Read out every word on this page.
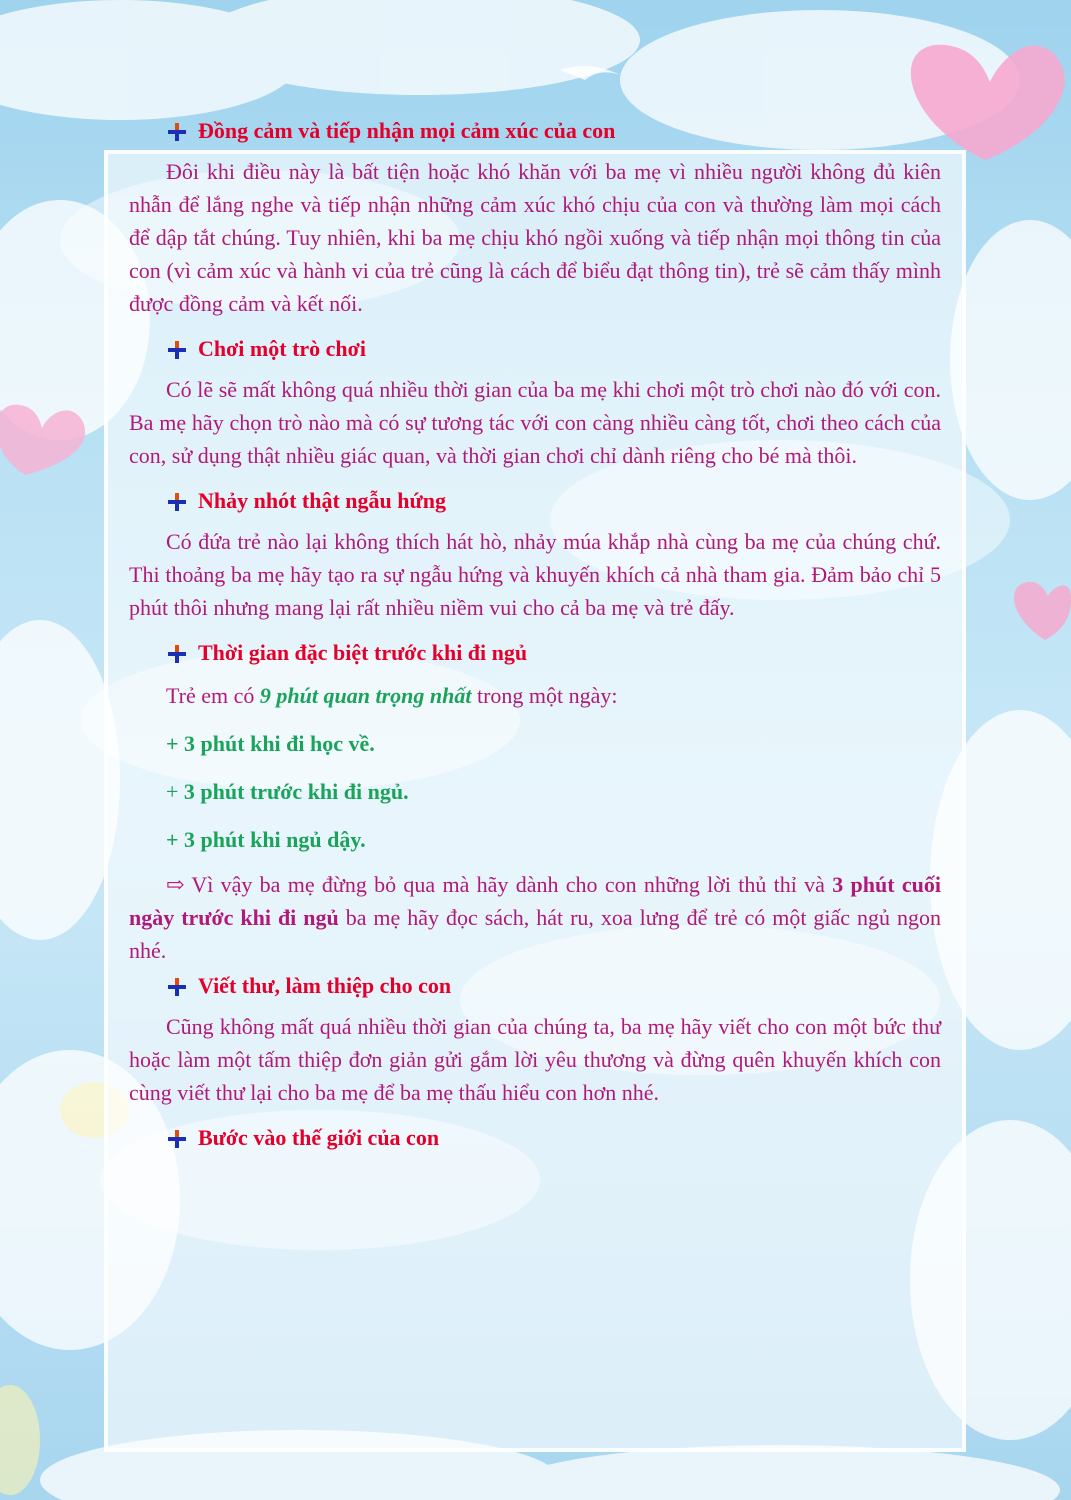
Đồng cảm và tiếp nhận mọi cảm xúc của con

Đôi khi điều này là bất tiện hoặc khó khăn với ba mẹ vì nhiều người không đủ kiên nhẫn để lắng nghe và tiếp nhận những cảm xúc khó chịu của con và thường làm mọi cách để dập tắt chúng. Tuy nhiên, khi ba mẹ chịu khó ngồi xuống và tiếp nhận mọi thông tin của con (vì cảm xúc và hành vi của trẻ cũng là cách để biểu đạt thông tin), trẻ sẽ cảm thấy mình được đồng cảm và kết nối.

Chơi một trò chơi

Có lẽ sẽ mất không quá nhiều thời gian của ba mẹ khi chơi một trò chơi nào đó với con. Ba mẹ hãy chọn trò nào mà có sự tương tác với con càng nhiều càng tốt, chơi theo cách của con, sử dụng thật nhiều giác quan, và thời gian chơi chỉ dành riêng cho bé mà thôi.

Nhảy nhót thật ngẫu hứng

Có đứa trẻ nào lại không thích hát hò, nhảy múa khắp nhà cùng ba mẹ của chúng chứ. Thi thoảng ba mẹ hãy tạo ra sự ngẫu hứng và khuyến khích cả nhà tham gia. Đảm bảo chỉ 5 phút thôi nhưng mang lại rất nhiều niềm vui cho cả ba mẹ và trẻ đấy.

Thời gian đặc biệt trước khi đi ngủ

Trẻ em có 9 phút quan trọng nhất trong một ngày:

+ 3 phút khi đi học về.

+ 3 phút trước khi đi ngủ.

+ 3 phút khi ngủ dậy.

⇨ Vì vậy ba mẹ đừng bỏ qua mà hãy dành cho con những lời thủ thỉ và 3 phút cuối ngày trước khi đi ngủ ba mẹ hãy đọc sách, hát ru, xoa lưng để trẻ có một giấc ngủ ngon nhé.

Viết thư, làm thiệp cho con

Cũng không mất quá nhiều thời gian của chúng ta, ba mẹ hãy viết cho con một bức thư hoặc làm một tấm thiệp đơn giản gửi gắm lời yêu thương và đừng quên khuyến khích con cùng viết thư lại cho ba mẹ để ba mẹ thấu hiểu con hơn nhé.

Bước vào thế giới của con
